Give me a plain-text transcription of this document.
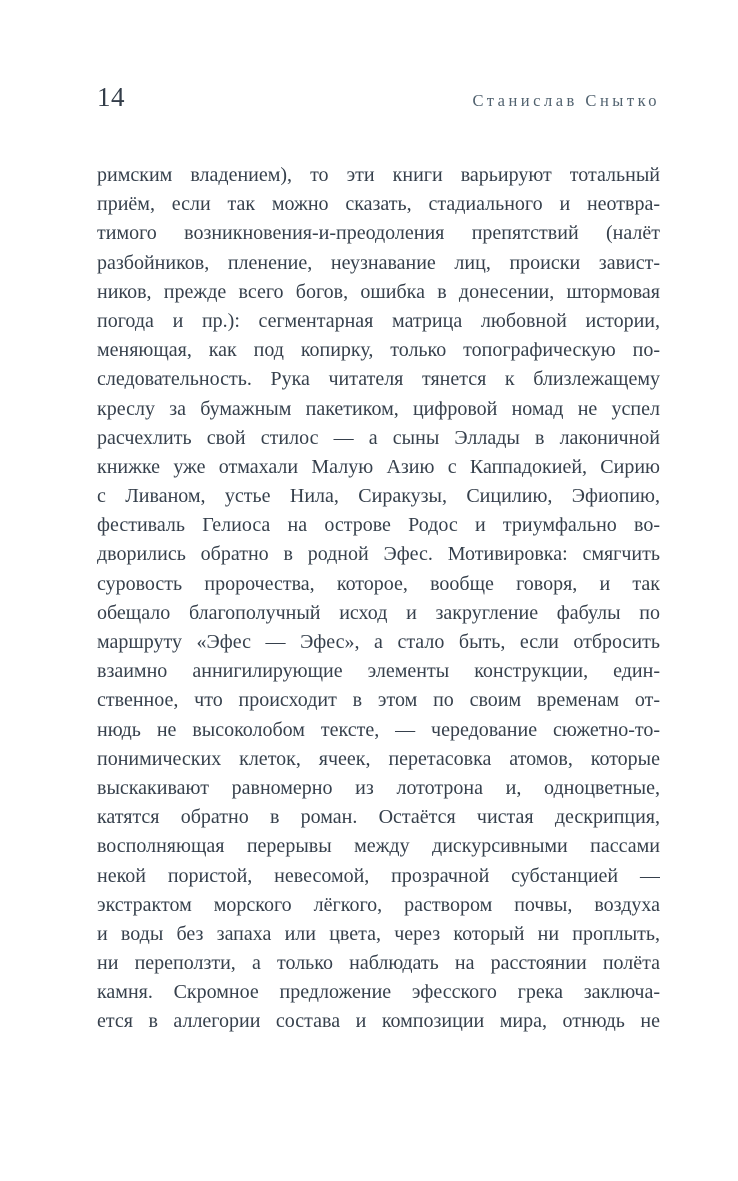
14	Станислав Снытко
римским владением), то эти книги варьируют тотальный
приём, если так можно сказать, стадиального и неотвра-
тимого возникновения-и-преодоления препятствий (налёт
разбойников, пленение, неузнавание лиц, происки завист-
ников, прежде всего богов, ошибка в донесении, штормовая
погода и пр.): сегментарная матрица любовной истории,
меняющая, как под копирку, только топографическую по-
следовательность. Рука читателя тянется к близлежащему
креслу за бумажным пакетиком, цифровой номад не успел
расчехлить свой стилос — а сыны Эллады в лаконичной
книжке уже отмахали Малую Азию с Каппадокией, Сирию
с Ливаном, устье Нила, Сиракузы, Сицилию, Эфиопию,
фестиваль Гелиоса на острове Родос и триумфально во-
дворились обратно в родной Эфес. Мотивировка: смягчить
суровость пророчества, которое, вообще говоря, и так
обещало благополучный исход и закругление фабулы по
маршруту «Эфес — Эфес», а стало быть, если отбросить
взаимно аннигилирующие элементы конструкции, един-
ственное, что происходит в этом по своим временам от-
нюдь не высоколобом тексте, — чередование сюжетно-то-
понимических клеток, ячеек, перетасовка атомов, которые
выскакивают равномерно из лототрона и, одноцветные,
катятся обратно в роман. Остаётся чистая дескрипция,
восполняющая перерывы между дискурсивными пассами
некой пористой, невесомой, прозрачной субстанцией —
экстрактом морского лёгкого, раствором почвы, воздуха
и воды без запаха или цвета, через который ни проплыть,
ни переползти, а только наблюдать на расстоянии полёта
камня. Скромное предложение эфесского грека заключа-
ется в аллегории состава и композиции мира, отнюдь не
